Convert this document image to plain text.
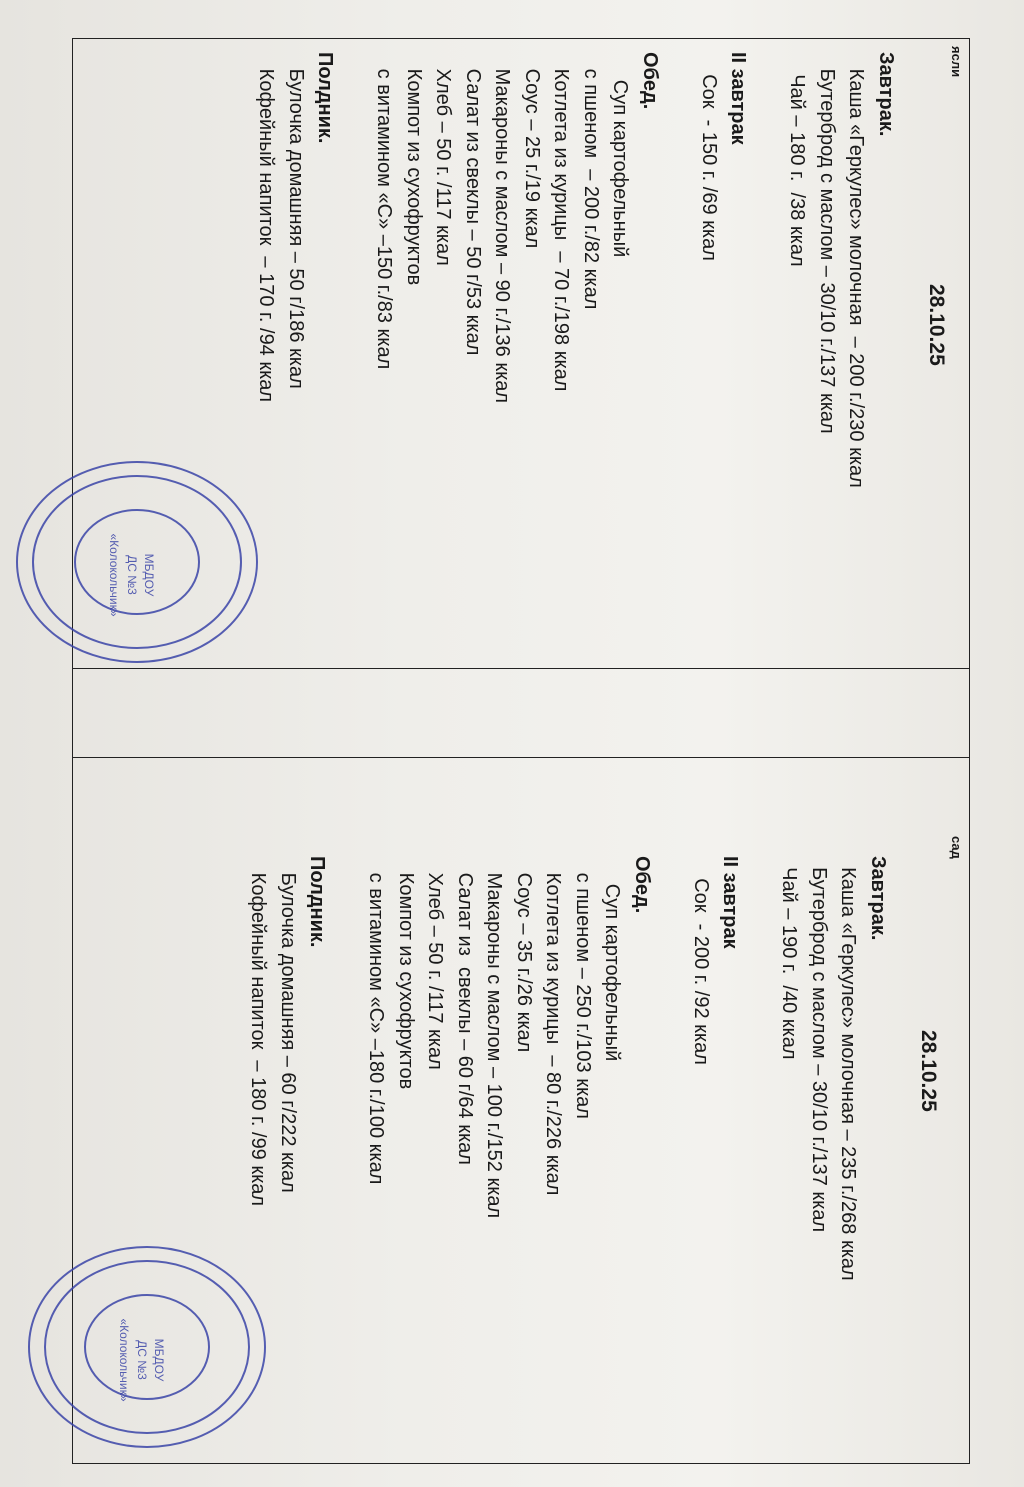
ясли
28.10.25
Завтрак.
Каша «Геркулес» молочная  – 200 г./230 ккал
Бутерброд с маслом – 30/10 г./137 ккал
Чай – 180 г.  /38 ккал
II завтрак
Сок  - 150 г. /69 ккал
Обед.
Суп картофельный
с пшеном  – 200 г./82 ккал
Котлета из курицы  – 70 г./198 ккал
Соус – 25 г./19 ккал
Макароны с маслом – 90 г./136 ккал
Салат из свеклы – 50 г/53 ккал
Хлеб – 50 г. /117 ккал
Компот из сухофруктов
с витамином «С» –150 г./83 ккал
Полдник.
Булочка домашняя – 50 г/186 ккал
Кофейный напиток  – 170 г. /94 ккал
сад
28.10.25
Завтрак.
Каша «Геркулес» молочная – 235 г./268 ккал
Бутерброд с маслом – 30/10 г./137 ккал
Чай – 190 г.  /40 ккал
II завтрак
Сок  - 200 г. /92 ккал
Обед.
Суп картофельный
с пшеном – 250 г./103 ккал
Котлета из курицы  – 80 г./226 ккал
Соус – 35 г./26 ккал
Макароны с маслом – 100 г./152 ккал
Салат из  свеклы – 60 г/64 ккал
Хлеб – 50 г. /117 ккал
Компот из сухофруктов
с витамином «С» –180 г./100 ккал
Полдник.
Булочка домашняя – 60 г/222 ккал
Кофейный напиток  – 180 г. /99 ккал
МБДОУ
ДС №3
«Колокольчик»
МБДОУ
ДС №3
«Колокольчик»
